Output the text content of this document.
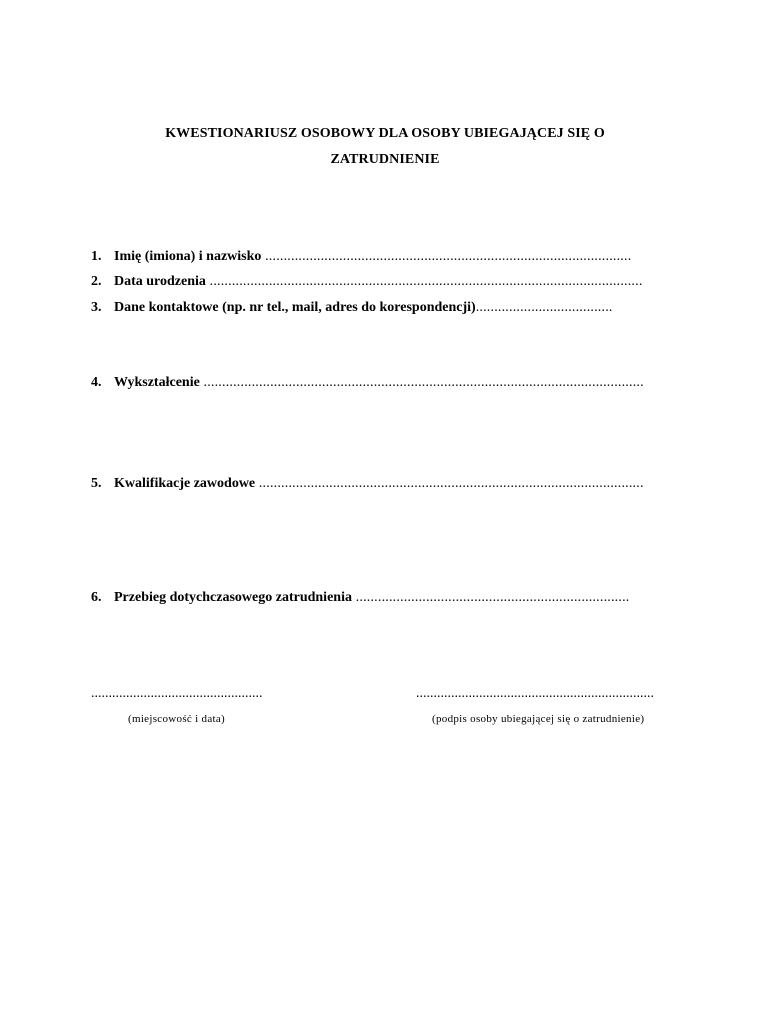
KWESTIONARIUSZ OSOBOWY DLA OSOBY UBIEGAJĄCEJ SIĘ O
ZATRUDNIENIE
1. Imię (imiona) i nazwisko ...................................................................................................
2. Data urodzenia .....................................................................................................................
3. Dane kontaktowe (np. nr tel., mail, adres do korespondencji).....................................
4. Wykształcenie .......................................................................................................................
5. Kwalifikacje zawodowe ........................................................................................................
6. Przebieg dotychczasowego zatrudnienia ..........................................................................
.................................................	....................................................................
(miejscowość i data)	(podpis osoby ubiegającej się o zatrudnienie)
